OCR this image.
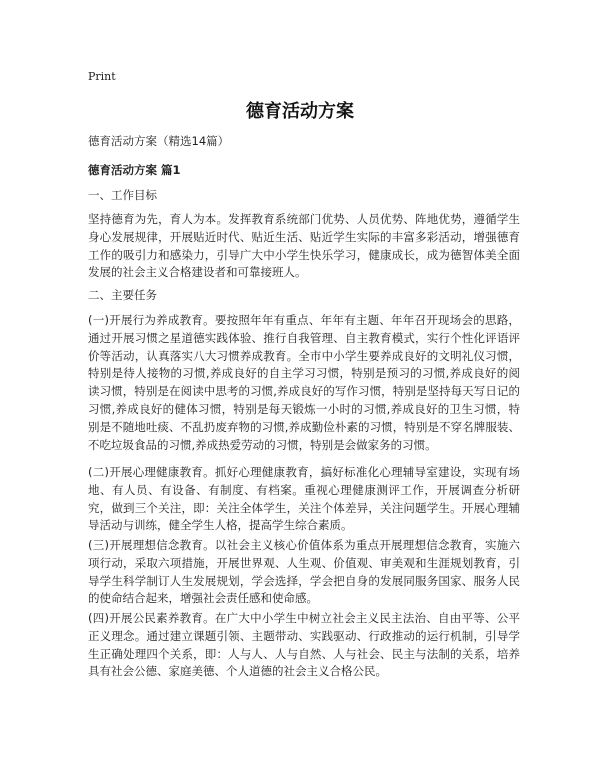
Print
德育活动方案
德育活动方案（精选14篇）
德育活动方案 篇1
一、工作目标
坚持德育为先，育人为本。发挥教育系统部门优势、人员优势、阵地优势，遵循学生身心发展规律，开展贴近时代、贴近生活、贴近学生实际的丰富多彩活动，增强德育工作的吸引力和感染力，引导广大中小学生快乐学习，健康成长，成为德智体美全面发展的社会主义合格建设者和可靠接班人。
二、主要任务
(一)开展行为养成教育。要按照年年有重点、年年有主题、年年召开现场会的思路，通过开展习惯之星道德实践体验、推行自我管理、自主教育模式，实行个性化评语评价等活动，认真落实八大习惯养成教育。全市中小学生要养成良好的文明礼仪习惯，特别是待人接物的习惯,养成良好的自主学习习惯，特别是预习的习惯,养成良好的阅读习惯，特别是在阅读中思考的习惯,养成良好的写作习惯，特别是坚持每天写日记的习惯,养成良好的健体习惯，特别是每天锻炼一小时的习惯,养成良好的卫生习惯，特别是不随地吐痰、不乱扔废弃物的习惯,养成勤俭朴素的习惯，特别是不穿名牌服装、不吃垃圾食品的习惯,养成热爱劳动的习惯，特别是会做家务的习惯。
(二)开展心理健康教育。抓好心理健康教育，搞好标准化心理辅导室建设，实现有场地、有人员、有设备、有制度、有档案。重视心理健康测评工作，开展调查分析研究，做到三个关注，即：关注全体学生，关注个体差异，关注问题学生。开展心理辅导活动与训练，健全学生人格，提高学生综合素质。
(三)开展理想信念教育。以社会主义核心价值体系为重点开展理想信念教育，实施六项行动，采取六项措施，开展世界观、人生观、价值观、审美观和生涯规划教育，引导学生科学制订人生发展规划，学会选择，学会把自身的发展同服务国家、服务人民的使命结合起来，增强社会责任感和使命感。
(四)开展公民素养教育。在广大中小学生中树立社会主义民主法治、自由平等、公平正义理念。通过建立课题引领、主题带动、实践驱动、行政推动的运行机制，引导学生正确处理四个关系，即：人与人、人与自然、人与社会、民主与法制的关系，培养具有社会公德、家庭美德、个人道德的社会主义合格公民。
